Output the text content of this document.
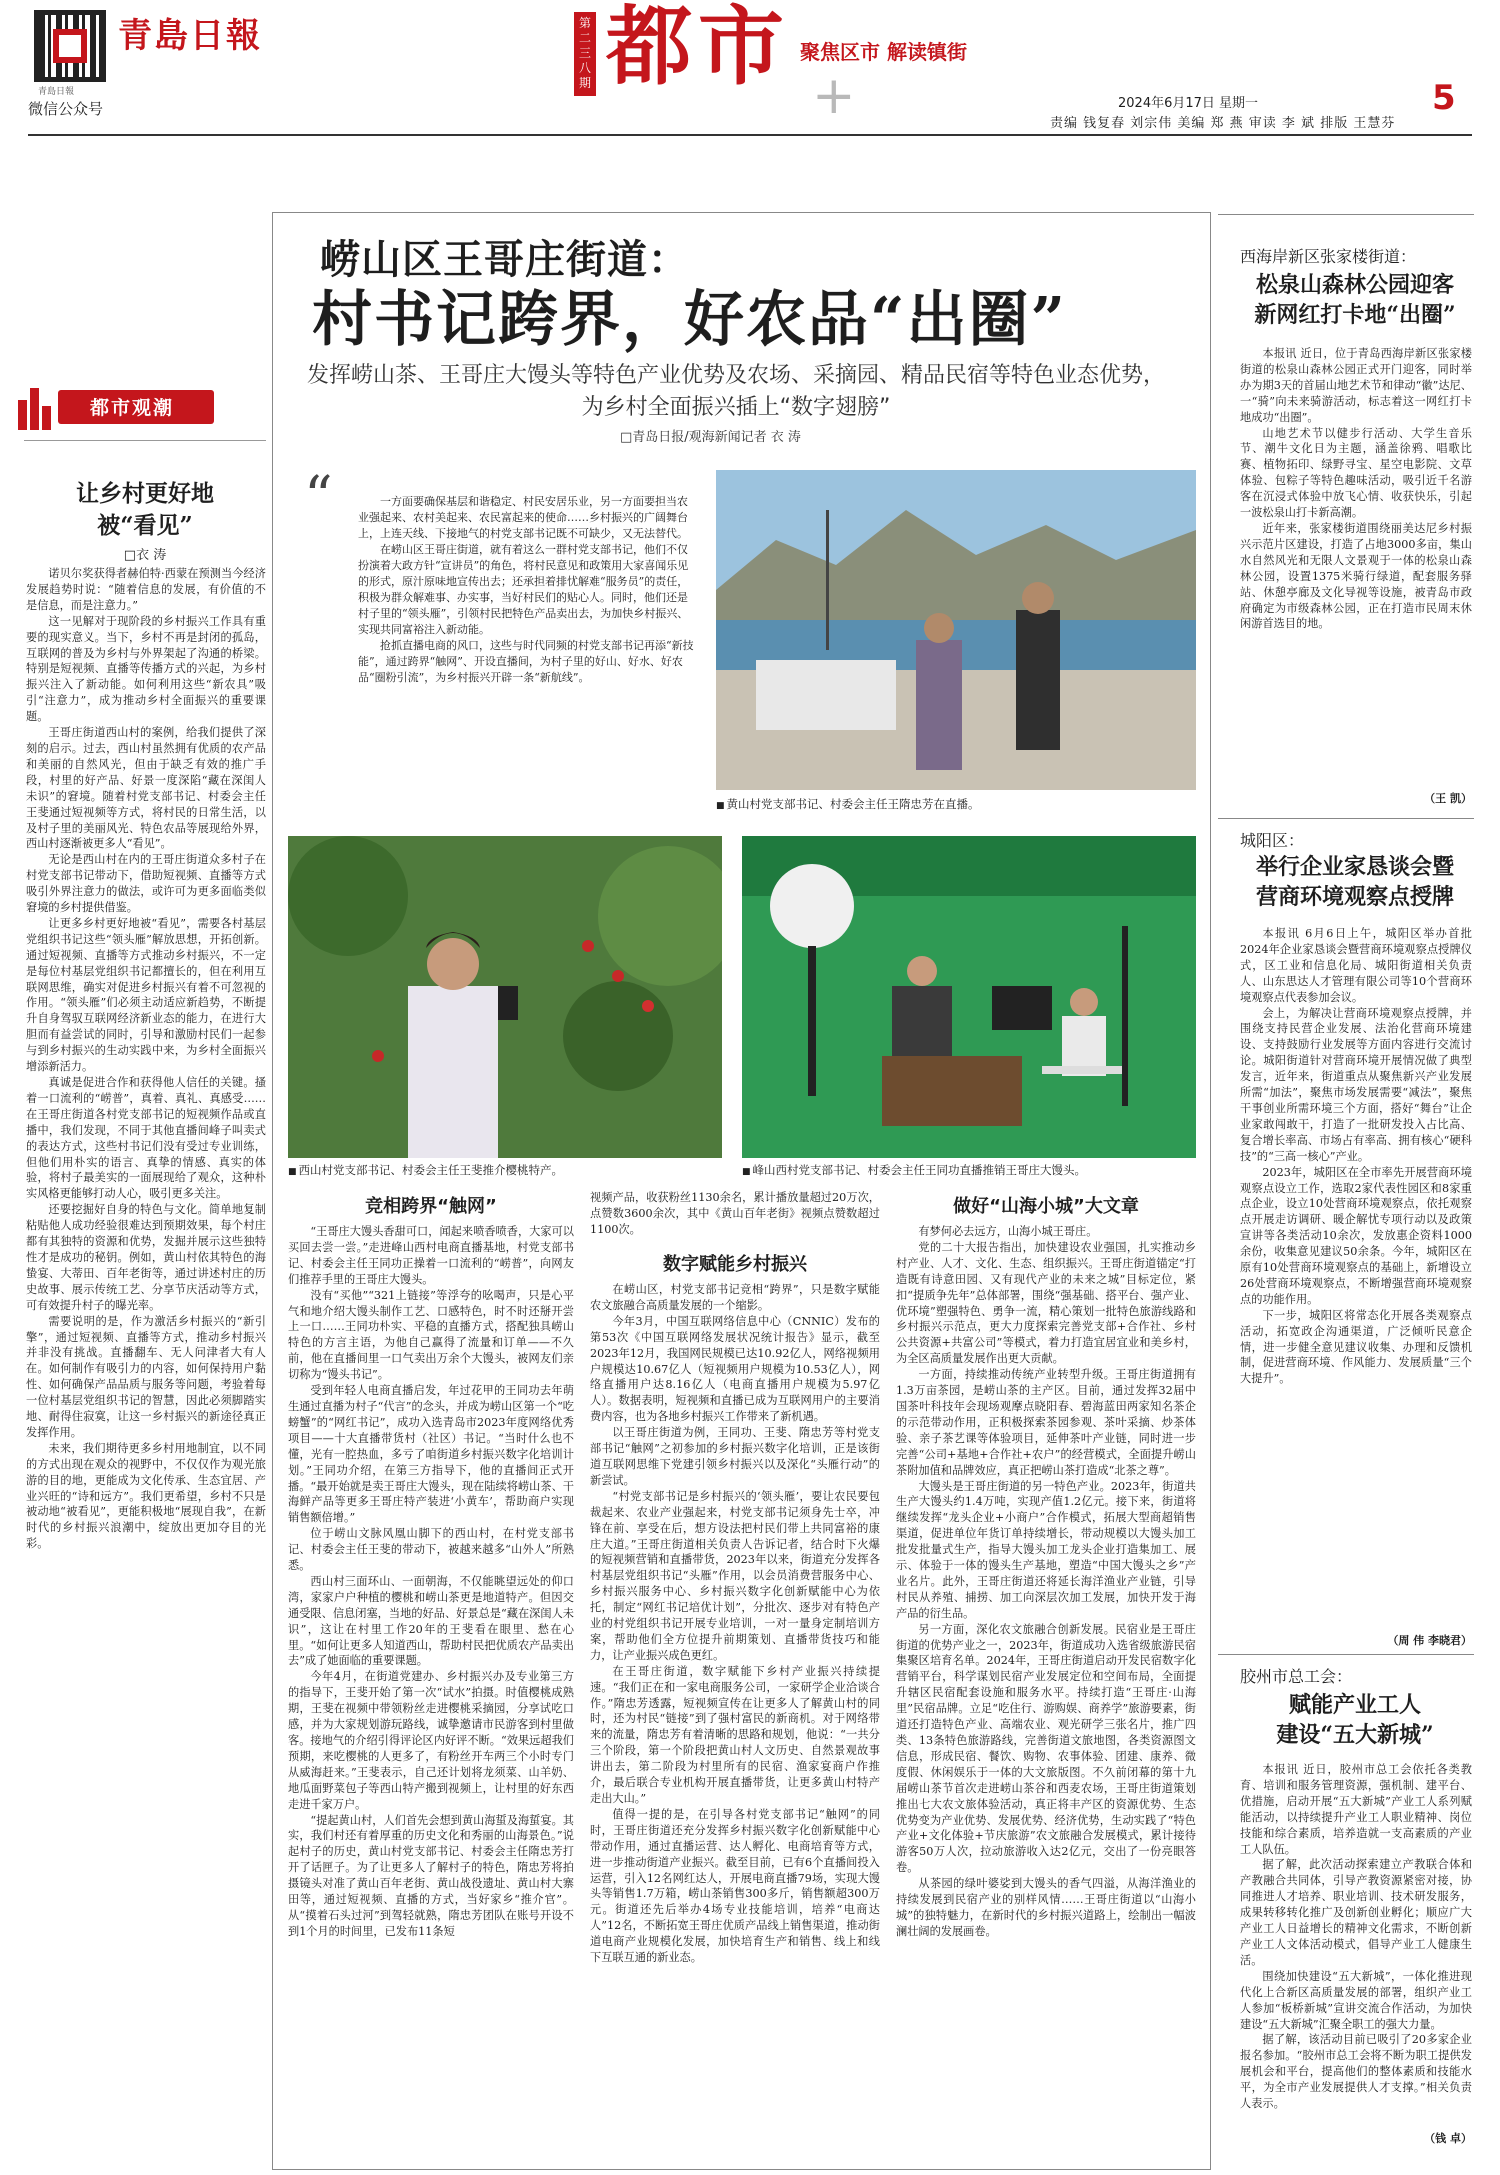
青島日報
青島日報
微信公众号
第二三八期 都市 聚焦区市 解读镇街
+	2024年6月17日 星期一	5
责编 钱复春 刘宗伟 美编 郑 燕 审读 李 斌 排版 王慧芬
都市观潮
让乡村更好地
被“看见”
□衣 涛

诺贝尔奖获得者赫伯特·西蒙在预测当今经济发展趋势时说：“随着信息的发展，有价值的不是信息，而是注意力。”

这一见解对于现阶段的乡村振兴工作具有重要的现实意义。当下，乡村不再是封闭的孤岛，互联网的普及为乡村与外界架起了沟通的桥梁。特别是短视频、直播等传播方式的兴起，为乡村振兴注入了新动能。如何利用这些“新农具”吸引“注意力”，成为推动乡村全面振兴的重要课题。

王哥庄街道西山村的案例，给我们提供了深刻的启示。过去，西山村虽然拥有优质的农产品和美丽的自然风光，但由于缺乏有效的推广手段，村里的好产品、好景一度深陷“藏在深闺人未识”的窘境。随着村党支部书记、村委会主任王斐通过短视频等方式，将村民的日常生活，以及村子里的美丽风光、特色农品等展现给外界，西山村逐渐被更多人“看见”。

无论是西山村在内的王哥庄街道众多村子在村党支部书记带动下，借助短视频、直播等方式吸引外界注意力的做法，或许可为更多面临类似窘境的乡村提供借鉴。

让更多乡村更好地被“看见”，需要各村基层党组织书记这些“领头雁”解放思想，开拓创新。通过短视频、直播等方式推动乡村振兴，不一定是每位村基层党组织书记都擅长的，但在利用互联网思维，确实对促进乡村振兴有着不可忽视的作用。“领头雁”们必须主动适应新趋势，不断提升自身驾驭互联网经济新业态的能力，在进行大胆而有益尝试的同时，引导和激励村民们一起参与到乡村振兴的生动实践中来，为乡村全面振兴增添新活力。

真诚是促进合作和获得他人信任的关键。搔着一口流利的“崂普”，真着、真礼、真感受……在王哥庄街道各村党支部书记的短视频作品或直播中，我们发现，不同于其他直播间峰子叫卖式的表达方式，这些村书记们没有受过专业训练，但他们用朴实的语言、真挚的情感、真实的体验，将村子最美实的一面展现给了观众，这种朴实风格更能够打动人心，吸引更多关注。

还要挖掘好自身的特色与文化。简单地复制粘贴他人成功经验很难达到预期效果，每个村庄都有其独特的资源和优势，发掘并展示这些独特性才是成功的秘钥。例如，黄山村依其特色的海蛰宴、大蒂田、百年老街等，通过讲述村庄的历史故事、展示传统工艺、分享节庆活动等方式，可有效提升村子的曝光率。

需要说明的是，作为激活乡村振兴的“新引擎”，通过短视频、直播等方式，推动乡村振兴并非没有挑战。直播翻车、无人问津者大有人在。如何制作有吸引力的内容，如何保持用户黏性、如何确保产品品质与服务等问题，考验着每一位村基层党组织书记的智慧，因此必须脚踏实地、耐得住寂寞，让这一乡村振兴的新途径真正发挥作用。

未来，我们期待更多乡村用地制宜，以不同的方式出现在观众的视野中，不仅仅作为观光旅游的目的地，更能成为文化传承、生态宜居、产业兴旺的“诗和远方”。我们更希望，乡村不只是被动地“被看见”，更能积极地“展现自我”，在新时代的乡村振兴浪潮中，绽放出更加夺目的光彩。

崂山区王哥庄街道：
村书记跨界，好农品“出圈”
发挥崂山茶、王哥庄大馒头等特色产业优势及农场、采摘园、精品民宿等特色业态优势，为乡村全面振兴插上“数字翅膀”
□青岛日报/观海新闻记者 衣 涛
“	一方面要确保基层和谐稳定、村民安居乐业，另一方面要担当农业强起来、农村美起来、农民富起来的使命……乡村振兴的广阔舞台上，上连天线、下接地气的村党支部书记既不可缺少，又无法替代。

在崂山区王哥庄街道，就有着这么一群村党支部书记，他们不仅扮演着大政方针“宣讲员”的角色，将村民意见和政策用大家喜闻乐见的形式，原汁原味地宣传出去；还承担着排忧解难“服务员”的责任，积极为群众解难事、办实事，当好村民们的贴心人。同时，他们还是村子里的“领头雁”，引领村民把特色产品卖出去，为加快乡村振兴、实现共同富裕注入新动能。

抢抓直播电商的风口，这些与时代同频的村党支部书记再添“新技能”，通过跨界“触网”、开设直播间，为村子里的好山、好水、好农品“圈粉引流”，为乡村振兴开辟一条“新航线”。

■ 黄山村党支部书记、村委会主任王隋忠芳在直播。
■ 西山村党支部书记、村委会主任王斐推介樱桃特产。
■	峰山西村党支部书记、村委会主任王同功直播推销王哥庄大馒头。
竞相跨界“触网”

“王哥庄大馒头香甜可口，闻起来喷香喷香，大家可以买回去尝一尝。”走进峰山西村电商直播基地，村党支部书记、村委会主任王同功正操着一口流利的“崂普”，向网友们推荐手里的王哥庄大馒头。

没有“买他”“321上链接”等浮夸的吆喝声，只是心平气和地介绍大馒头制作工艺、口感特色，时不时还掰开尝上一口……王同功朴实、平稳的直播方式，搭配独具崂山特色的方言主语，为他自己赢得了流量和订单——不久前，他在直播间里一口气卖出万余个大馒头，被网友们亲切称为“馒头书记”。

受到年轻人电商直播启发，年过花甲的王同功去年萌生通过直播为村子“代言”的念头，并成为崂山区第一个“吃螃蟹”的“网红书记”，成功入选青岛市2023年度网络优秀项目——十大直播带货村（社区）书记。“当时什么也不懂，光有一腔热血，多亏了咱街道乡村振兴数字化培训计划。”王同功介绍，在第三方指导下，他的直播间正式开播。“最开始就是卖王哥庄大馒头，现在陆续将崂山茶、干海鲜产品等更多王哥庄特产装进‘小黄车’，帮助商户实现销售额倍增。”

位于崂山文脉风凰山脚下的西山村，在村党支部书记、村委会主任王斐的带动下，被越来越多“山外人”所熟悉。

西山村三面环山、一面朝海，不仅能眺望远处的仰口湾，家家户户种植的樱桃和崂山茶更是地道特产。但因交通受限、信息闭塞，当地的好品、好景总是“藏在深闺人未识”，这让在村里工作20年的王斐看在眼里、愁在心里。“如何让更多人知道西山，帮助村民把优质农产品卖出去”成了她面临的重要课题。

今年4月，在街道党建办、乡村振兴办及专业第三方的指导下，王斐开始了第一次“试水”拍摄。时值樱桃成熟期，王斐在视频中带领粉丝走进樱桃采摘园，分享试吃口感，并为大家规划游玩路线，诚挚邀请市民游客到村里做客。接地气的介绍引得评论区内好评不断。“效果远超我们预期，来吃樱桃的人更多了，有粉丝开车两三个小时专门从威海赶来。”王斐表示，自己还计划将龙须菜、山羊奶、地瓜面野菜包子等西山特产搬到视频上，让村里的好东西走进千家万户。

“提起黄山村，人们首先会想到黄山海蜇及海蜇宴。其实，我们村还有着厚重的历史文化和秀丽的山海景色。”说起村子的历史，黄山村党支部书记、村委会主任隋忠芳打开了话匣子。为了让更多人了解村子的特色，隋忠芳将拍摄镜头对准了黄山百年老街、黄山战役遗址、黄山村大寨田等，通过短视频、直播的方式，当好家乡“推介官”。从“摸着石头过河”到驾轻就熟，隋忠芳团队在账号开设不到1个月的时间里，已发布11条短

视频产品，收获粉丝1130余名，累计播放量超过20万次，点赞数3600余次，其中《黄山百年老街》视频点赞数超过1100次。

数字赋能乡村振兴

在崂山区，村党支部书记竞相“跨界”，只是数字赋能农文旅融合高质量发展的一个缩影。

今年3月，中国互联网络信息中心（CNNIC）发布的第53次《中国互联网络发展状况统计报告》显示，截至2023年12月，我国网民规模已达10.92亿人，网络视频用户规模达10.67亿人（短视频用户规模为10.53亿人），网络直播用户达8.16亿人（电商直播用户规模为5.97亿人）。数据表明，短视频和直播已成为互联网用户的主要消费内容，也为各地乡村振兴工作带来了新机遇。

以王哥庄街道为例，王同功、王斐、隋忠芳等村党支部书记“触网”之初参加的乡村振兴数字化培训，正是该街道互联网思维下党建引领乡村振兴以及深化“头雁行动”的新尝试。

“村党支部书记是乡村振兴的‘领头雁’，要让农民要包裁起来、农业产业强起来，村党支部书记须身先士卒，冲锋在前、享受在后，想方设法把村民们带上共同富裕的康庄大道。”王哥庄街道相关负责人告诉记者，结合时下火爆的短视频营销和直播带货，2023年以来，街道充分发挥各村基层党组织书记“头雁”作用，以会员消费营服务中心、乡村振兴服务中心、乡村振兴数字化创新赋能中心为依托，制定“网红书记培优计划”，分批次、逐步对有特色产业的村党组织书记开展专业培训，一对一量身定制培训方案，帮助他们全方位提升前期策划、直播带货技巧和能力，让产业振兴成色更红。

在王哥庄街道，数字赋能下乡村产业振兴持续提速。“我们正在和一家电商服务公司，一家研学企业洽谈合作。”隋忠芳透露，短视频宣传在让更多人了解黄山村的同时，还为村民“链接”到了强村富民的新商机。对于网络带来的流量，隋忠芳有着清晰的思路和规划，他说：“一共分三个阶段，第一个阶段把黄山村人文历史、自然景观故事讲出去，第二阶段为村里所有的民宿、渔家宴商户作推介，最后联合专业机构开展直播带货，让更多黄山村特产走出大山。”

值得一提的是，在引导各村党支部书记“触网”的同时，王哥庄街道还充分发挥乡村振兴数字化创新赋能中心带动作用，通过直播运营、达人孵化、电商培育等方式，进一步推动街道产业振兴。截至目前，已有6个直播间投入运营，引入12名网红达人，开展电商直播79场，实现大馒头等销售1.7万箱，崂山茶销售300多斤，销售额超300万元。街道还先后举办4场专业技能培训，培养“电商达人”12名，不断拓宽王哥庄优质产品线上销售渠道，推动街道电商产业规模化发展，加快培育生产和销售、线上和线下互联互通的新业态。

做好“山海小城”大文章

有梦何必去远方，山海小城王哥庄。

党的二十大报告指出，加快建设农业强国，扎实推动乡村产业、人才、文化、生态、组织振兴。王哥庄街道锚定“打造既有诗意田园、又有现代产业的未来之城”目标定位，紧扣“提质争先年”总体部署，围绕“强基础、搭平台、强产业、优环境”塑强特色、勇争一流，精心策划一批特色旅游线路和乡村振兴示范点，更大力度探索完善党支部+合作社、乡村公共资源+共富公司”等模式，着力打造宜居宜业和美乡村，为全区高质量发展作出更大贡献。

一方面，持续推动传统产业转型升级。王哥庄街道拥有1.3万亩茶园，是崂山茶的主产区。目前，通过发挥32届中国茶叶科技年会现场观摩点晓阳春、碧海蓝田两家知名茶企的示范带动作用，正积极探索茶园参观、茶叶采摘、炒茶体验、亲子茶艺课等体验项目，延伸茶叶产业链，同时进一步完善“公司+基地+合作社+农户”的经营模式，全面提升崂山茶附加值和品牌效应，真正把崂山茶打造成“北茶之尊”。

大馒头是王哥庄街道的另一特色产业。2023年，街道共生产大馒头约1.4万吨，实现产值1.2亿元。接下来，街道将继续发挥“龙头企业+小商户”合作模式，拓展大型商超销售渠道，促进单位年货订单持续增长，带动规模以大馒头加工批发批量式生产，指导大馒头加工龙头企业打造集加工、展示、体验于一体的馒头生产基地，塑造“中国大馒头之乡”产业名片。此外，王哥庄街道还将延长海洋渔业产业链，引导村民从养殖、捕捞、加工向深层次加工发展，加快开发于海产品的衍生品。

另一方面，深化农文旅融合创新发展。民宿业是王哥庄街道的优势产业之一，2023年，街道成功入选省级旅游民宿集聚区培育名单。2024年，王哥庄街道启动开发民宿数字化营销平台，科学谋划民宿产业发展定位和空间布局，全面提升辖区民宿配套设施和服务水平。持续打造“王哥庄·山海里”民宿品牌。立足“吃住行、游购娱、商养学”旅游要素，街道还打造特色产业、高端农业、观光研学三张名片，推广四类、13条特色旅游路线，完善街道文旅地图，各类资源图文信息，形成民宿、餐饮、购物、农事体验、团建、康养、微度假、休闲娱乐于一体的大文旅版图。不久前闭幕的第十九届崂山茶节首次走进崂山茶谷和西麦农场，王哥庄街道策划推出七大农文旅体验活动，真正将丰产区的资源优势、生态优势变为产业优势、发展优势、经济优势，生动实践了“特色产业+文化体验+节庆旅游”农文旅融合发展模式，累计接待游客50万人次，拉动旅游收入达2亿元，交出了一份亮眼答卷。

从茶园的绿叶婆娑到大馒头的香气四溢，从海洋渔业的持续发展到民宿产业的别样风情……王哥庄街道以“山海小城”的独特魅力，在新时代的乡村振兴道路上，绘制出一幅波澜壮阔的发展画卷。

西海岸新区张家楼街道：
松泉山森林公园迎客
新网红打卡地“出圈”

本报讯 近日，位于青岛西海岸新区张家楼街道的松泉山森林公园正式开门迎客，同时举办为期3天的首届山地艺术节和律动“徽”达尼、一“骑”向未来骑游活动，标志着这一网红打卡地成功“出圈”。

山地艺术节以健步行活动、大学生音乐节、潮牛文化日为主题，涵盖徐鸦、唱歌比赛、植物拓印、绿野寻宝、星空电影院、文草体验、包粽子等特色趣味活动，吸引近千名游客在沉浸式体验中放飞心情、收获快乐，引起一波松泉山打卡新高潮。

近年来，张家楼街道围绕丽美达尼乡村振兴示范片区建设，打造了占地3000多亩，集山水自然风光和无限人文景观于一体的松泉山森林公园，设置1375米骑行绿道，配套服务驿站、休憩亭廊及文化导视等设施，被青岛市政府确定为市级森林公园，正在打造市民周末休闲游首选目的地。

（王 凯）
城阳区：
举行企业家恳谈会暨
营商环境观察点授牌

本报讯 6月6日上午，城阳区举办首批2024年企业家恳谈会暨营商环境观察点授牌仪式，区工业和信息化局、城阳街道相关负责人、山东思达人才管理有限公司等10个营商环境观察点代表参加会议。

会上，为解决让营商环境观察点授牌，并围绕支持民营企业发展、法治化营商环境建设、支持鼓励行业发展等方面内容进行交流讨论。城阳街道针对营商环境开展情况做了典型发言，近年来，街道重点从聚焦新兴产业发展所需“加法”，聚焦市场发展需要“减法”，聚焦干事创业所需环境三个方面，搭好“舞台”让企业家敢闯敢干，打造了一批研发投入占比高、复合增长率高、市场占有率高、拥有核心“硬科技”的“三高一核心”产业。

2023年，城阳区在全市率先开展营商环境观察点设立工作，选取2家代表性园区和8家重点企业，设立10处营商环境观察点，依托观察点开展走访调研、暖企解忧专项行动以及政策宣讲等各类活动10余次，发放惠企资料1000余份，收集意见建议50余条。今年，城阳区在原有10处营商环境观察点的基础上，新增设立26处营商环境观察点，不断增强营商环境观察点的功能作用。

下一步，城阳区将常态化开展各类观察点活动，拓宽政企沟通渠道，广泛倾听民意企情，进一步健全意见建议收集、办理和反馈机制，促进营商环境、作风能力、发展质量“三个大提升”。

（周 伟 李晓君）
胶州市总工会：
赋能产业工人
建设“五大新城”

本报讯 近日，胶州市总工会依托各类教育、培训和服务管理资源，强机制、建平台、优措施，启动开展“五大新城”产业工人系列赋能活动，以持续提升产业工人职业精神、岗位技能和综合素质，培养造就一支高素质的产业工人队伍。

据了解，此次活动探索建立产教联合体和产教融合共同体，引导产教资源紧密对接，协同推进人才培养、职业培训、技术研发服务，成果转移转化推广及创新创业孵化；顺应广大产业工人日益增长的精神文化需求，不断创新产业工人文体活动模式，倡导产业工人健康生活。

围绕加快建设“五大新城”，一体化推进现代化上合新区高质量发展的部署，组织产业工人参加“板桥新城”宣讲交流合作活动，为加快建设“五大新城”汇聚全职工的强大力量。

据了解，该活动目前已吸引了20多家企业报名参加。“胶州市总工会将不断为职工提供发展机会和平台，提高他们的整体素质和技能水平，为全市产业发展提供人才支撑。”相关负责人表示。

（钱 卓）
